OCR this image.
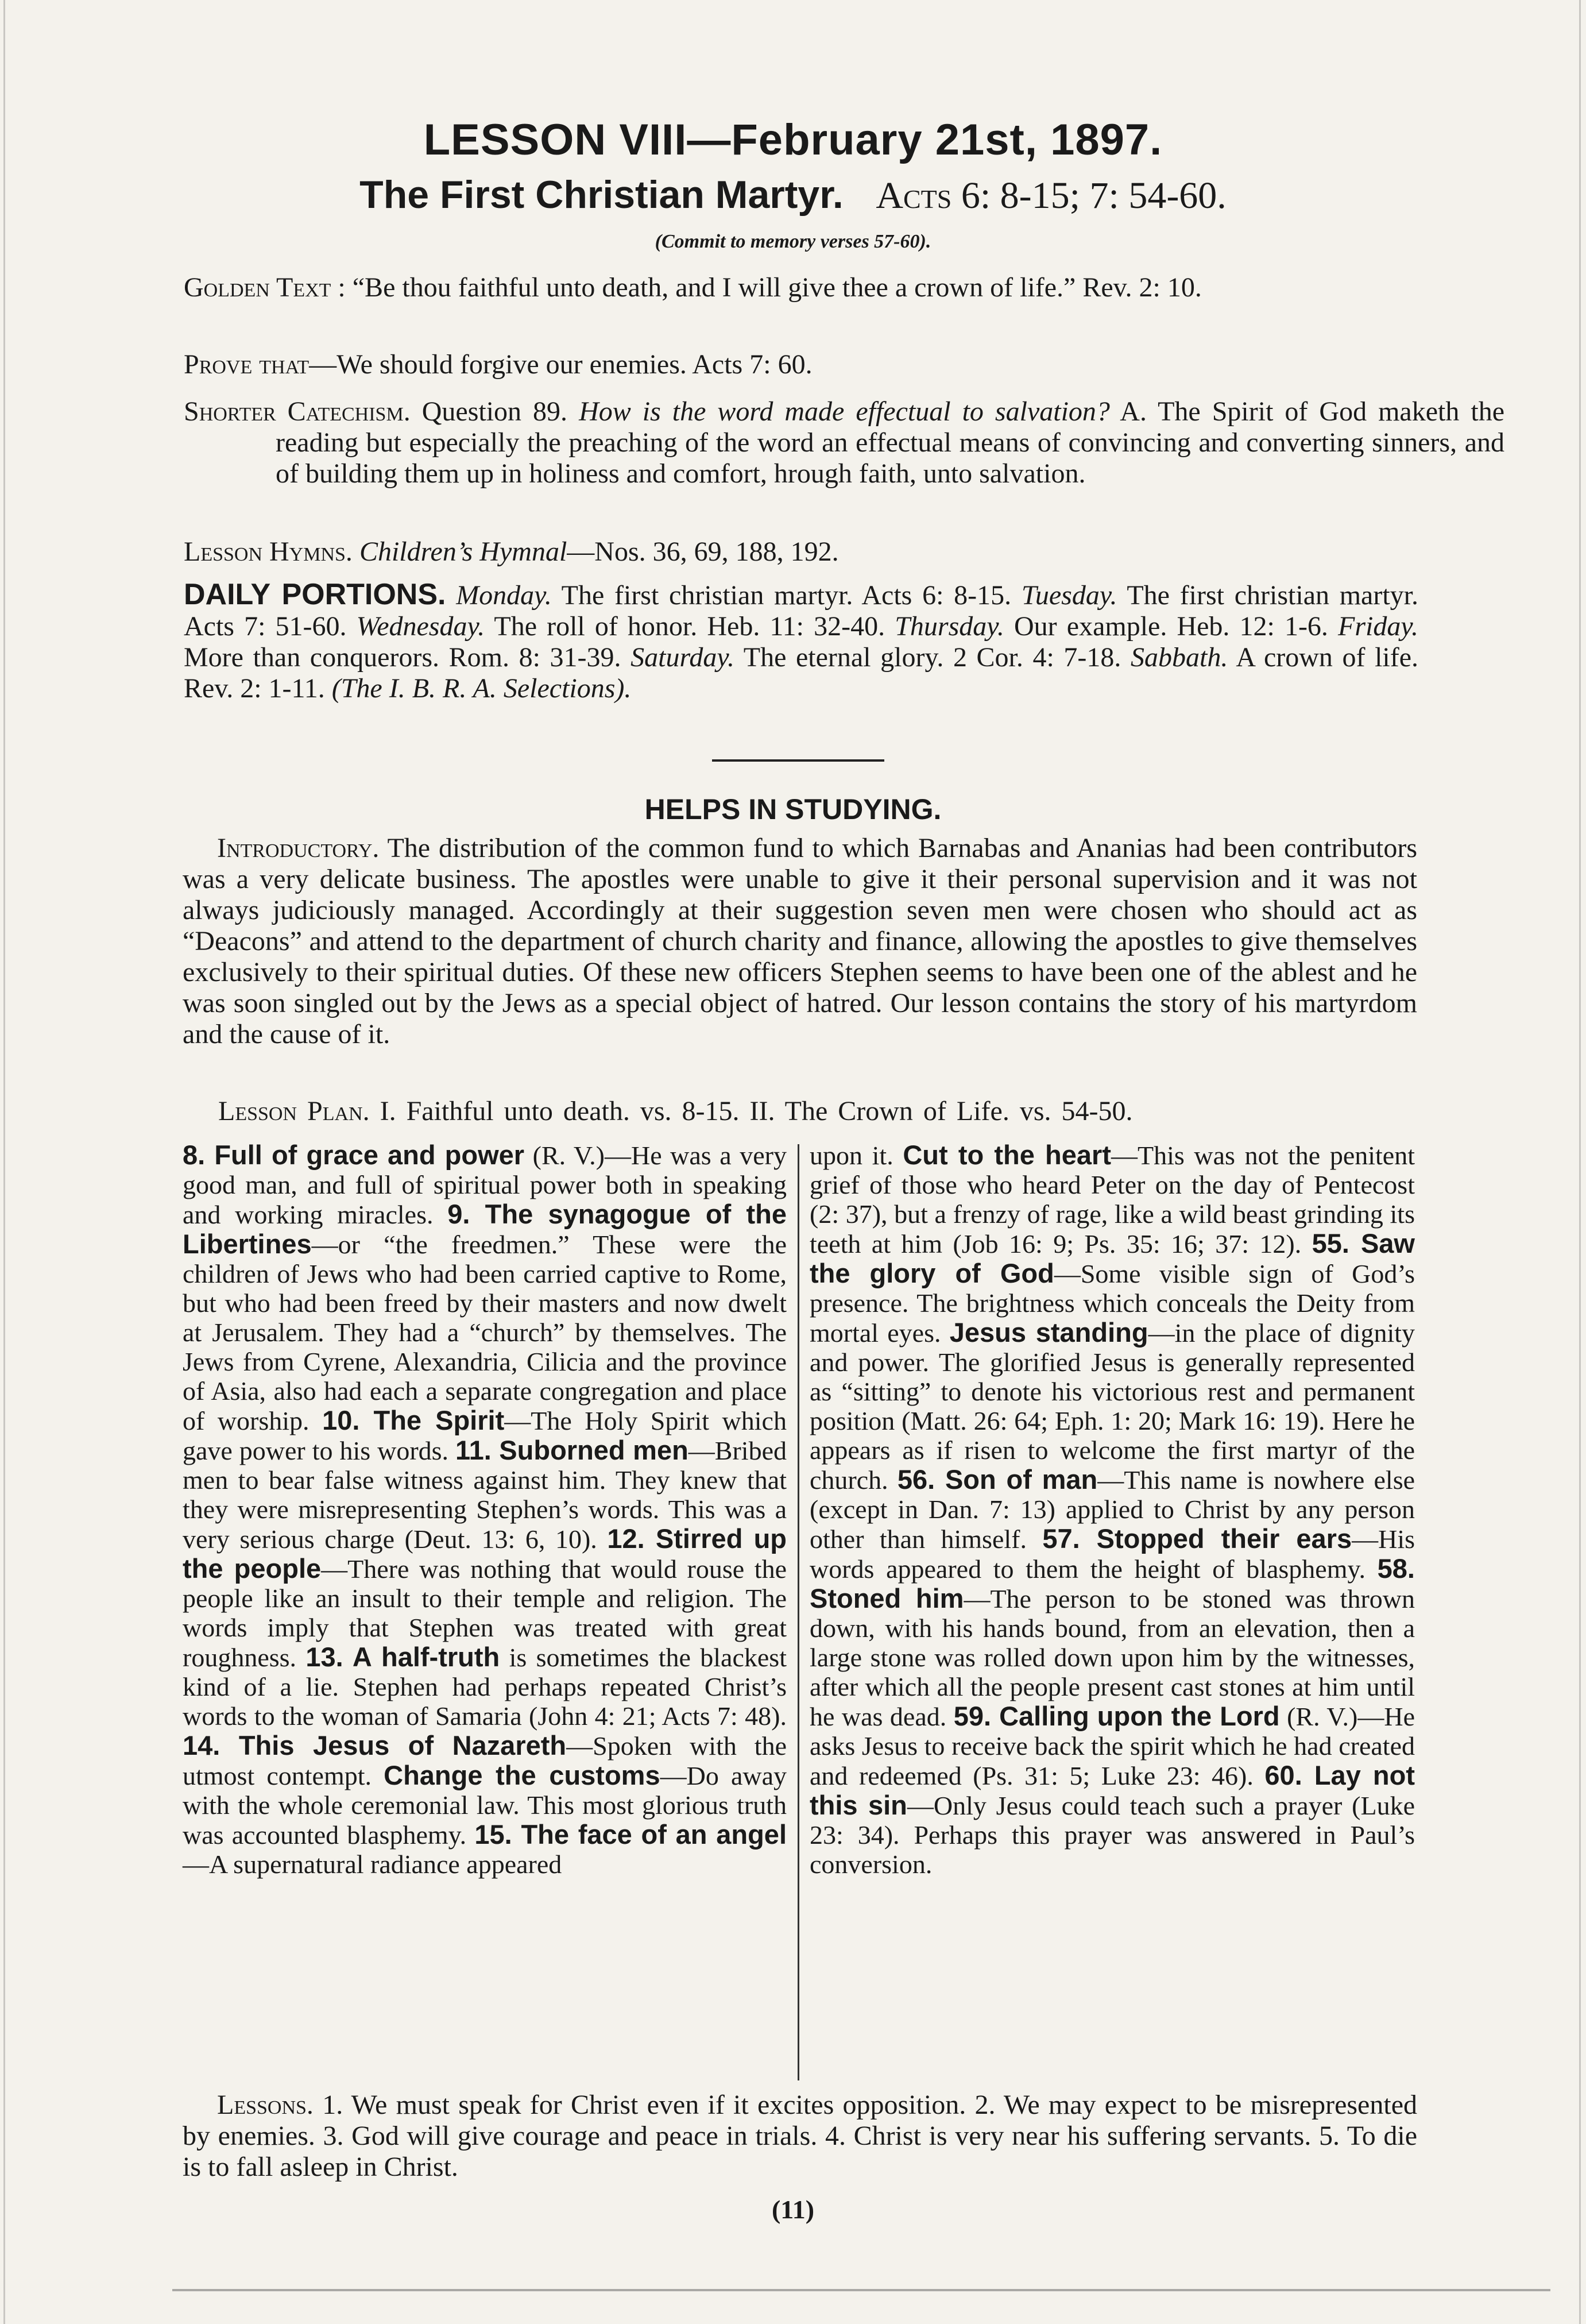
LESSON VIII—February 21st, 1897.
The First Christian Martyr. Acts 6: 8-15; 7: 54-60.
(Commit to memory verses 57-60).
Golden Text : “Be thou faithful unto death, and I will give thee a crown of life.” Rev. 2: 10.
Prove that—We should forgive our enemies. Acts 7: 60.
Shorter Catechism. Question 89. How is the word made effectual to salvation? A. The Spirit of God maketh the reading but especially the preaching of the word an effectual means of convincing and converting sinners, and of building them up in holiness and comfort, hrough faith, unto salvation.
Lesson Hymns. Children’s Hymnal—Nos. 36, 69, 188, 192.
DAILY PORTIONS. Monday. The first christian martyr. Acts 6: 8-15. Tuesday. The first christian martyr. Acts 7: 51-60. Wednesday. The roll of honor. Heb. 11: 32-40. Thursday. Our example. Heb. 12: 1-6. Friday. More than conquerors. Rom. 8: 31-39. Saturday. The eternal glory. 2 Cor. 4: 7-18. Sabbath. A crown of life. Rev. 2: 1-11. (The I. B. R. A. Selections).
HELPS IN STUDYING.
Introductory. The distribution of the common fund to which Barnabas and Ananias had been contributors was a very delicate business. The apostles were unable to give it their personal supervision and it was not always judiciously managed. Accordingly at their suggestion seven men were chosen who should act as “Deacons” and attend to the department of church charity and finance, allowing the apostles to give themselves exclusively to their spiritual duties. Of these new officers Stephen seems to have been one of the ablest and he was soon singled out by the Jews as a special object of hatred. Our lesson contains the story of his martyrdom and the cause of it.
Lesson Plan. I. Faithful unto death. vs. 8-15. II. The Crown of Life. vs. 54-50.
8. Full of grace and power (R. V.)—He was a very good man, and full of spiritual power both in speaking and working miracles. 9. The synagogue of the Libertines—or “the freedmen.” These were the children of Jews who had been carried captive to Rome, but who had been freed by their masters and now dwelt at Jerusalem. They had a “church” by themselves. The Jews from Cyrene, Alexandria, Cilicia and the province of Asia, also had each a separate congregation and place of worship. 10. The Spirit—The Holy Spirit which gave power to his words. 11. Suborned men—Bribed men to bear false witness against him. They knew that they were misrepresenting Stephen’s words. This was a very serious charge (Deut. 13: 6, 10). 12. Stirred up the people—There was nothing that would rouse the people like an insult to their temple and religion. The words imply that Stephen was treated with great roughness. 13. A half-truth is sometimes the blackest kind of a lie. Stephen had perhaps repeated Christ’s words to the woman of Samaria (John 4: 21; Acts 7: 48). 14. This Jesus of Nazareth—Spoken with the utmost contempt. Change the customs—Do away with the whole ceremonial law. This most glorious truth was accounted blasphemy. 15. The face of an angel—A supernatural radiance appeared
upon it. Cut to the heart—This was not the penitent grief of those who heard Peter on the day of Pentecost (2: 37), but a frenzy of rage, like a wild beast grinding its teeth at him (Job 16: 9; Ps. 35: 16; 37: 12). 55. Saw the glory of God—Some visible sign of God’s presence. The brightness which conceals the Deity from mortal eyes. Jesus standing—in the place of dignity and power. The glorified Jesus is generally represented as “sitting” to denote his victorious rest and permanent position (Matt. 26: 64; Eph. 1: 20; Mark 16: 19). Here he appears as if risen to welcome the first martyr of the church. 56. Son of man—This name is nowhere else (except in Dan. 7: 13) applied to Christ by any person other than himself. 57. Stopped their ears—His words appeared to them the height of blasphemy. 58. Stoned him—The person to be stoned was thrown down, with his hands bound, from an elevation, then a large stone was rolled down upon him by the witnesses, after which all the people present cast stones at him until he was dead. 59. Calling upon the Lord (R. V.)—He asks Jesus to receive back the spirit which he had created and redeemed (Ps. 31: 5; Luke 23: 46). 60. Lay not this sin—Only Jesus could teach such a prayer (Luke 23: 34). Perhaps this prayer was answered in Paul’s conversion.
Lessons. 1. We must speak for Christ even if it excites opposition. 2. We may expect to be misrepresented by enemies. 3. God will give courage and peace in trials. 4. Christ is very near his suffering servants. 5. To die is to fall asleep in Christ.
(11)
